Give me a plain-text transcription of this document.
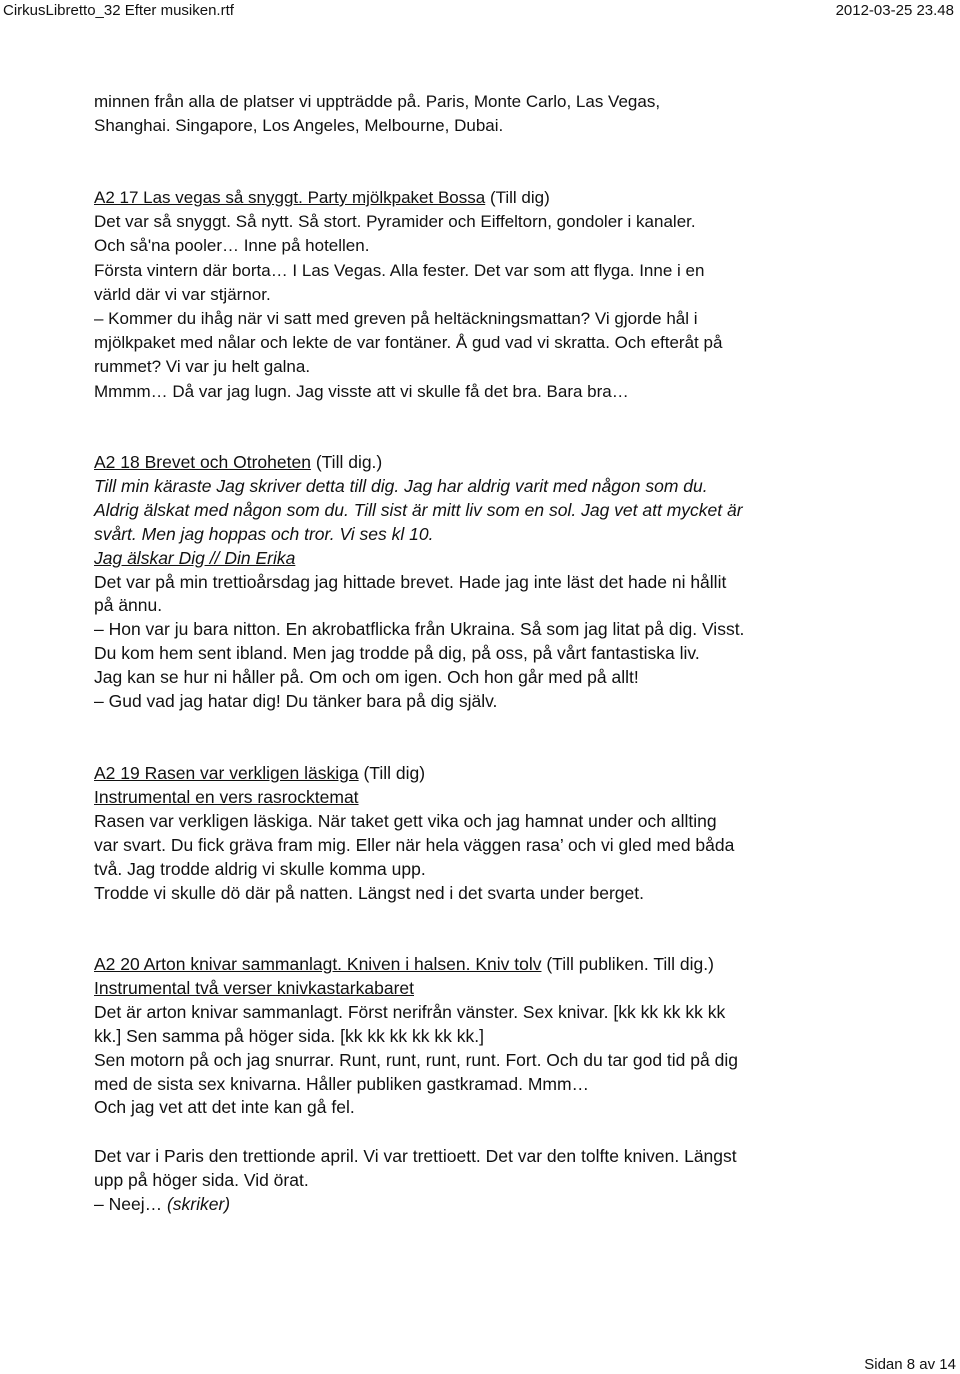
CirkusLibretto_32 Efter musiken.rtf	2012-03-25 23.48

minnen från alla de platser vi uppträdde på. Paris, Monte Carlo, Las Vegas,

Shanghai. Singapore, Los Angeles, Melbourne, Dubai.

A2 17 Las vegas så snyggt. Party mjölkpaket Bossa (Till dig)

Det var så snyggt. Så nytt. Så stort. Pyramider och Eiffeltorn, gondoler i kanaler.

Och så'na pooler… Inne på hotellen.

Första vintern där borta… I Las Vegas. Alla fester. Det var som att flyga. Inne i en

värld där vi var stjärnor.

– Kommer du ihåg när vi satt med greven på heltäckningsmattan? Vi gjorde hål i

mjölkpaket med nålar och lekte de var fontäner. Å gud vad vi skratta. Och efteråt på

rummet? Vi var ju helt galna.

Mmmm… Då var jag lugn. Jag visste att vi skulle få det bra. Bara bra…

A2 18 Brevet och Otroheten (Till dig.)

Till min käraste Jag skriver detta till dig. Jag har aldrig varit med någon som du.

Aldrig älskat med någon som du. Till sist är mitt liv som en sol. Jag vet att mycket är

svårt. Men jag hoppas och tror. Vi ses kl 10.

Jag älskar Dig // Din Erika

Det var på min trettioårsdag jag hittade brevet. Hade jag inte läst det hade ni hållit

på ännu.

– Hon var ju bara nitton. En akrobatflicka från Ukraina. Så som jag litat på dig. Visst.

Du kom hem sent ibland. Men jag trodde på dig, på oss, på vårt fantastiska liv.

Jag kan se hur ni håller på. Om och om igen. Och hon går med på allt!

– Gud vad jag hatar dig! Du tänker bara på dig själv.

A2 19 Rasen var verkligen läskiga (Till dig)

Instrumental en vers rasrocktemat

Rasen var verkligen läskiga. När taket gett vika och jag hamnat under och allting

var svart. Du fick gräva fram mig. Eller när hela väggen rasa’ och vi gled med båda

två. Jag trodde aldrig vi skulle komma upp.

Trodde vi skulle dö där på natten. Längst ned i det svarta under berget.

A2 20 Arton knivar sammanlagt. Kniven i halsen. Kniv tolv (Till publiken. Till dig.)

Instrumental två verser knivkastarkabaret

Det är arton knivar sammanlagt. Först nerifrån vänster. Sex knivar. [kk kk kk kk kk

kk.] Sen samma på höger sida. [kk kk kk kk kk kk.]

Sen motorn på och jag snurrar. Runt, runt, runt, runt. Fort. Och du tar god tid på dig

med de sista sex knivarna. Håller publiken gastkramad. Mmm…

Och jag vet att det inte kan gå fel.

Det var i Paris den trettionde april. Vi var trettioett. Det var den tolfte kniven. Längst

upp på höger sida. Vid örat.

– Neej… (skriker)

Sidan 8 av 14
